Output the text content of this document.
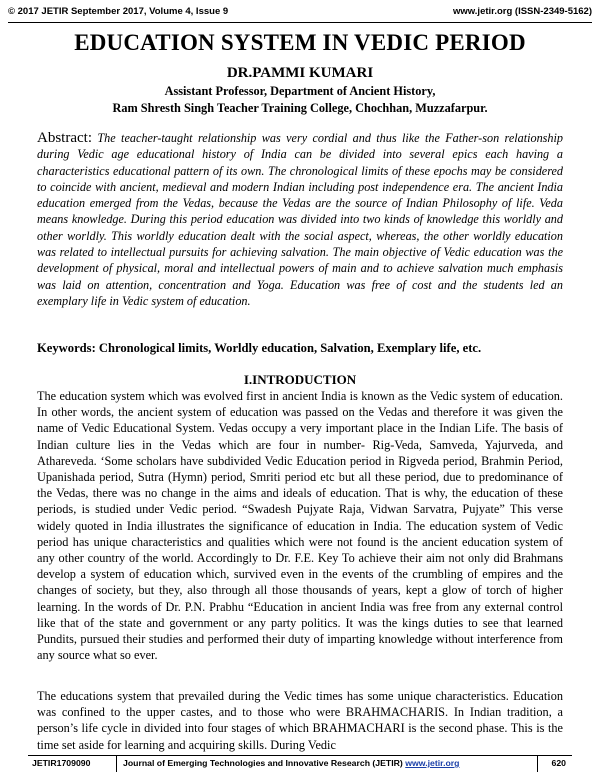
© 2017 JETIR September 2017, Volume 4, Issue 9	www.jetir.org (ISSN-2349-5162)
EDUCATION SYSTEM IN VEDIC PERIOD
DR.PAMMI KUMARI
Assistant Professor, Department of Ancient History,
Ram Shresth Singh Teacher Training College, Chochhan, Muzzafarpur.
Abstract: The teacher-taught relationship was very cordial and thus like the Father-son relationship during Vedic age educational history of India can be divided into several epics each having a characteristics educational pattern of its own. The chronological limits of these epochs may be considered to coincide with ancient, medieval and modern Indian including post independence era. The ancient India education emerged from the Vedas, because the Vedas are the source of Indian Philosophy of life. Veda means knowledge. During this period education was divided into two kinds of knowledge this worldly and other worldly. This worldly education dealt with the social aspect, whereas, the other worldly education was related to intellectual pursuits for achieving salvation. The main objective of Vedic education was the development of physical, moral and intellectual powers of main and to achieve salvation much emphasis was laid on attention, concentration and Yoga. Education was free of cost and the students led an exemplary life in Vedic system of education.
Keywords: Chronological limits, Worldly education, Salvation, Exemplary life, etc.
I.INTRODUCTION

The education system which was evolved first in ancient India is known as the Vedic system of education. In other words, the ancient system of education was passed on the Vedas and therefore it was given the name of Vedic Educational System. Vedas occupy a very important place in the Indian Life. The basis of Indian culture lies in the Vedas which are four in number- Rig-Veda, Samveda, Yajurveda, and Athareveda. ‘Some scholars have subdivided Vedic Education period in Rigveda period, Brahmin Period, Upanishada period, Sutra (Hymn) period, Smriti period etc but all these period, due to predominance of the Vedas, there was no change in the aims and ideals of education. That is why, the education of these periods, is studied under Vedic period. “Swadesh Pujyate Raja, Vidwan Sarvatra, Pujyate” This verse widely quoted in India illustrates the significance of education in India. The education system of Vedic period has unique characteristics and qualities which were not found is the ancient education system of any other country of the world. Accordingly to Dr. F.E. Key To achieve their aim not only did Brahmans develop a system of education which, survived even in the events of the crumbling of empires and the changes of society, but they, also through all those thousands of years, kept a glow of torch of higher learning. In the words of Dr. P.N. Prabhu “Education in ancient India was free from any external control like that of the state and government or any party politics. It was the kings duties to see that learned Pundits, pursued their studies and performed their duty of imparting knowledge without interference from any source what so ever.

The educations system that prevailed during the Vedic times has some unique characteristics. Education was confined to the upper castes, and to those who were BRAHMACHARIS. In Indian tradition, a person’s life cycle in divided into four stages of which BRAHMACHARI is the second phase. This is the time set aside for learning and acquiring skills. During Vedic

JETIR1709090	Journal of Emerging Technologies and Innovative Research (JETIR) www.jetir.org	620
